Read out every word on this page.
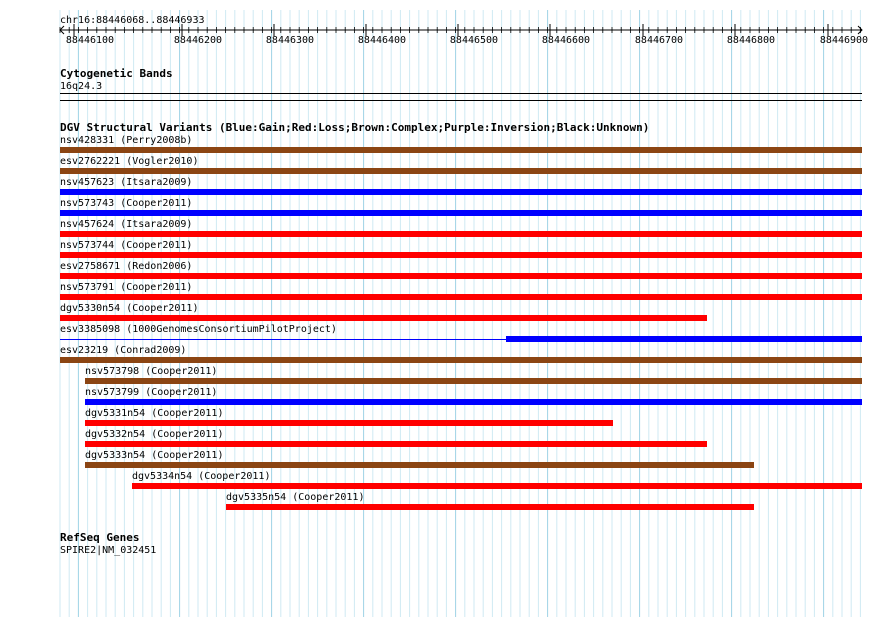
chr16:88446068..88446933
88446100	88446200	88446300	88446400	88446500	88446600	88446700	88446800	88446900
Cytogenetic Bands
16q24.3
DGV Structural Variants (Blue:Gain;Red:Loss;Brown:Complex;Purple:Inversion;Black:Unknown)
nsv428331 (Perry2008b)
esv2762221 (Vogler2010)
nsv457623 (Itsara2009)
nsv573743 (Cooper2011)
nsv457624 (Itsara2009)
nsv573744 (Cooper2011)
esv2758671 (Redon2006)
nsv573791 (Cooper2011)
dgv5330n54 (Cooper2011)
esv3385098 (1000GenomesConsortiumPilotProject)
esv23219 (Conrad2009)
nsv573798 (Cooper2011)
nsv573799 (Cooper2011)
dgv5331n54 (Cooper2011)
dgv5332n54 (Cooper2011)
dgv5333n54 (Cooper2011)
dgv5334n54 (Cooper2011)
dgv5335n54 (Cooper2011)
RefSeq Genes
SPIRE2|NM_032451
